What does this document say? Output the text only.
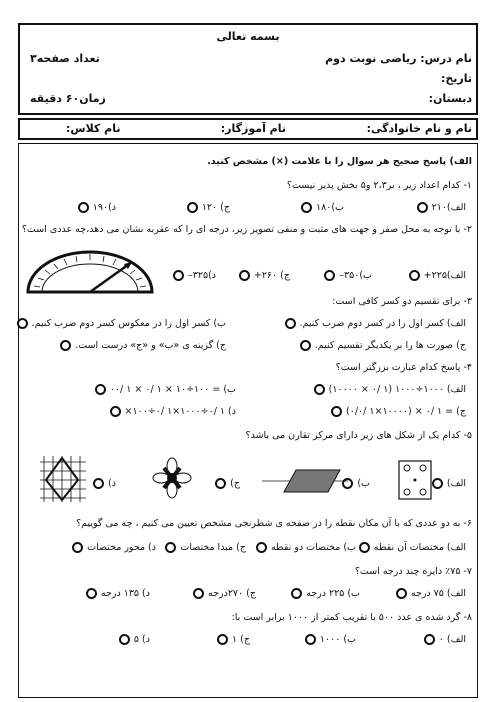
بسمه تعالی
نام درس: ریاضی نوبت دوم
تعداد صفحه۳
تاریخ:
دبستان:
زمان۶۰ دقیقه
نام و نام خانوادگی:
نام آموزگار:
نام کلاس:
الف) پاسخ صحیح هر سوال را با علامت (×) مشخص کنید.
۱- کدام اعداد زیر ، بر۲،۳ و۵ بخش پذیر نیست؟
الف)۲۱۰
ب)۱۸۰
ج) ۱۲۰
د)۱۹۰
۲- با توجه به محل صفر و جهت های مثبت و منفی تصویر زیر، درجه ای را که عقربه نشان می دهد،چه عددی است؟
الف)۲۲۵+
ب)۳۵۰–
ج) ۲۶۰+
د)۳۲۵–
۳- برای تقسیم دو کسر کافی است:
الف) کسر اول را در کسر دوم ضرب کنیم.
ب) کسر اول را در معکوس کسر دوم ضرب کنیم.
ج) صورت ها را بر یکدیگر تقسیم کنیم.
ج) گزینه ی «ب» و «ج» درست است.
۴- پاسخ کدام عبارت بزرگتر است؟
الف) ۱۰۰۰÷۱۰۰۰ (۱ /۰ × ۱۰۰۰۰)
ب) = ۱۰۰÷۱۰ × ۱ /۰ × ۱ /۰۰
ج) = ۱ /۰ × (۱۰۰۰۰×۱ /۰/۰)
د) ۱ /۰÷۱۰۰۰×۱ /۰÷۱۰۰×
۵- کدام یک از شکل های زیر دارای مرکز تقارن می باشد؟
الف)
ب)
ج)
د)
۶- به دو عددی که با آن مکان نقطه را در صفحه ی شطرنجی مشخص تعیین می کنیم ، چه می گوییم؟
الف) مختصات آن نقطه
ب) مختصات دو نقطه
ج) مبدا مختصات
د) محور مختصات
۷- ٪۷۵ دایره چند درجه است؟
الف) ۷۵ درجه
ب) ۲۲۵ درجه
ج) ۲۷۰درجه
د) ۱۳۵ درجه
۸- گرد شده ی عدد ۵۰۰ با تقریب کمتر از ۱۰۰۰ برابر است با:
الف) ۰
ب) ۱۰۰۰
ج) ۱
د) ۵
